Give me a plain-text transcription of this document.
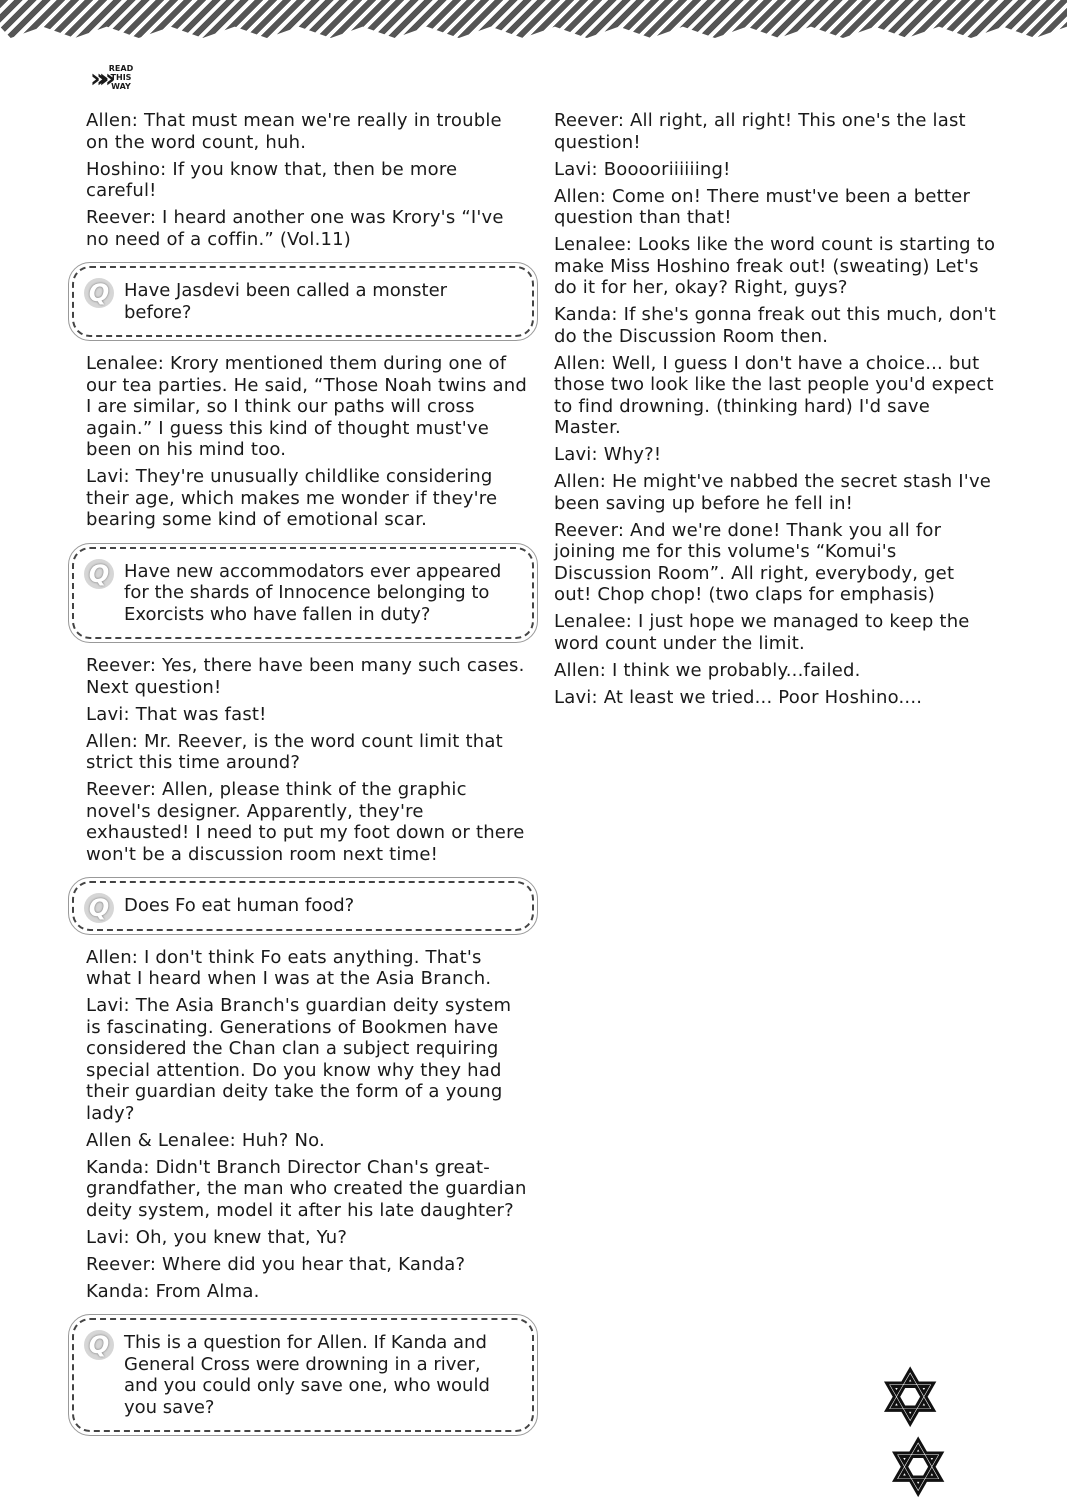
»» READ THIS WAY

Allen: That must mean we're really in trouble on the word count, huh.

Hoshino: If you know that, then be more careful!

Reever: I heard another one was Krory's “I've no need of a coffin.” (Vol.11)

Q Have Jasdevi been called a monster before?

Lenalee: Krory mentioned them during one of our tea parties. He said, “Those Noah twins and I are similar, so I think our paths will cross again.” I guess this kind of thought must've been on his mind too.

Lavi: They're unusually childlike considering their age, which makes me wonder if they're bearing some kind of emotional scar.

Q Have new accommodators ever appeared for the shards of Innocence belonging to Exorcists who have fallen in duty?

Reever: Yes, there have been many such cases. Next question!

Lavi: That was fast!

Allen: Mr. Reever, is the word count limit that strict this time around?

Reever: Allen, please think of the graphic novel's designer. Apparently, they're exhausted! I need to put my foot down or there won't be a discussion room next time!

Q Does Fo eat human food?

Allen: I don't think Fo eats anything. That's what I heard when I was at the Asia Branch.

Lavi: The Asia Branch's guardian deity system is fascinating. Generations of Bookmen have considered the Chan clan a subject requiring special attention. Do you know why they had their guardian deity take the form of a young lady?

Allen & Lenalee: Huh? No.

Kanda: Didn't Branch Director Chan's great-grandfather, the man who created the guardian deity system, model it after his late daughter?

Lavi: Oh, you knew that, Yu?

Reever: Where did you hear that, Kanda?

Kanda: From Alma.

Q This is a question for Allen. If Kanda and General Cross were drowning in a river, and you could only save one, who would you save?

Reever: All right, all right! This one's the last question!

Lavi: Booooriiiiiing!

Allen: Come on! There must've been a better question than that!

Lenalee: Looks like the word count is starting to make Miss Hoshino freak out! (sweating) Let's do it for her, okay? Right, guys?

Kanda: If she's gonna freak out this much, don't do the Discussion Room then.

Allen: Well, I guess I don't have a choice... but those two look like the last people you'd expect to find drowning. (thinking hard) I'd save Master.

Lavi: Why?!

Allen: He might've nabbed the secret stash I've been saving up before he fell in!

Reever: And we're done! Thank you all for joining me for this volume's “Komui's Discussion Room”. All right, everybody, get out! Chop chop! (two claps for emphasis)

Lenalee: I just hope we managed to keep the word count under the limit.

Allen: I think we probably...failed.

Lavi: At least we tried... Poor Hoshino....

✡
✡
